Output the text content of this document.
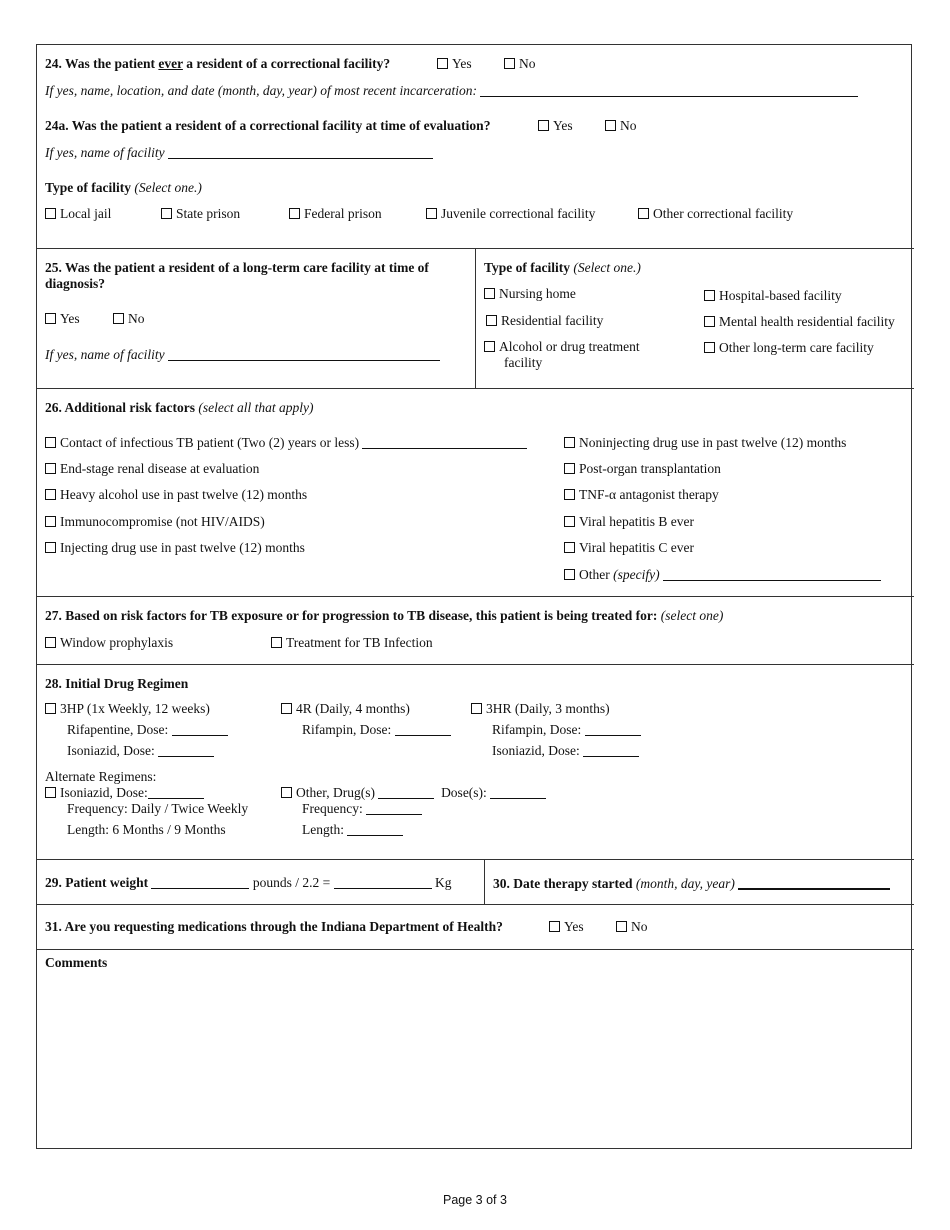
24. Was the patient ever a resident of a correctional facility?	Yes	No
If yes, name, location, and date (month, day, year) of most recent incarceration:
24a. Was the patient a resident of a correctional facility at time of evaluation?	Yes	No
If yes, name of facility
Type of facility (Select one.)
Local jail	State prison	Federal prison	Juvenile correctional facility	Other correctional facility
25. Was the patient a resident of a long-term care facility at time of
diagnosis?
Yes	No
If yes, name of facility
Type of facility (Select one.)
Nursing home
Residential facility
Alcohol or drug treatment
facility
Hospital-based facility
Mental health residential facility
Other long-term care facility
26. Additional risk factors (select all that apply)
Contact of infectious TB patient (Two (2) years or less)
End-stage renal disease at evaluation
Heavy alcohol use in past twelve (12) months
Immunocompromise (not HIV/AIDS)
Injecting drug use in past twelve (12) months
Noninjecting drug use in past twelve (12) months
Post-organ transplantation
TNF-α antagonist therapy
Viral hepatitis B ever
Viral hepatitis C ever
Other (specify)
27. Based on risk factors for TB exposure or for progression to TB disease, this patient is being treated for: (select one)
Window prophylaxis	Treatment for TB Infection
28. Initial Drug Regimen
3HP (1x Weekly, 12 weeks)
Rifapentine, Dose:
Isoniazid, Dose:
4R (Daily, 4 months)
Rifampin, Dose:
3HR (Daily, 3 months)
Rifampin, Dose:
Isoniazid, Dose:
Alternate Regimens:
Isoniazid, Dose:
Frequency: Daily / Twice Weekly
Length: 6 Months / 9 Months
Other, Drug(s)	Dose(s):
Frequency:
Length:
29. Patient weight	pounds / 2.2 =	Kg	30. Date therapy started (month, day, year)
31. Are you requesting medications through the Indiana Department of Health?	Yes	No
Comments
Page 3 of 3
